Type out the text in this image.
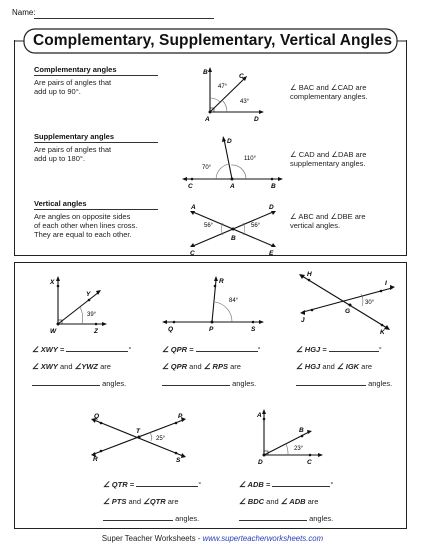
Name:
Complementary, Supplementary, Vertical Angles
Complementary angles
Are pairs of angles that
add up to 90°.
B
C
A	D
47°
43°
∠ BAC and ∠CAD are
complementary angles.
Supplementary angles
Are pairs of angles that
add up to 180°.
D
C	A	B
70°
110°	∠ CAD and ∠DAB are
supplementary angles.
Vertical angles
Are angles on opposite sides
of each other when lines cross.
They are equal to each other.
A	D
B
C	E
56°	56°
∠ ABC and ∠DBE are
vertical angles.
X
Y
W	Z
39°
∠ XWY =	°
∠ XWY and ∠YWZ are
angles.
R
Q	P	S
84°
∠ QPR =	°
∠ QPR and ∠ RPS are
angles.
H
I
G
J
K
30°
∠ HGJ =	°
∠ HGJ and ∠ IGK are
angles.
Q	P
T
R	S
25°
∠ QTR =	°
∠ PTS and ∠QTR are
angles.
A
B
D	C
23°
∠ ADB =	°
∠ BDC and ∠ ADB are
angles.
Super Teacher Worksheets - www.superteacherworksheets.com
